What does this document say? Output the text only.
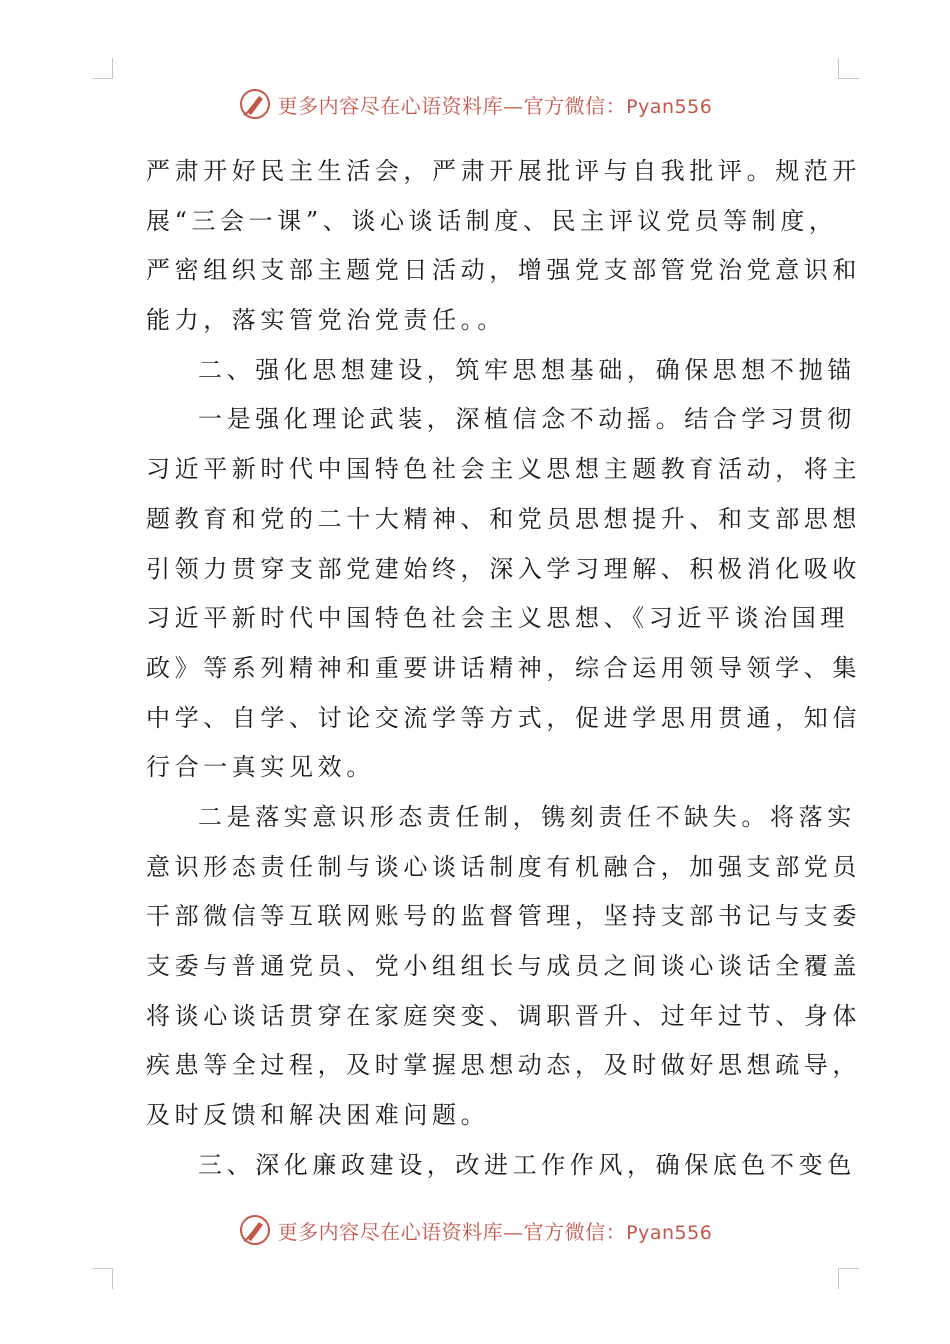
更多内容尽在心语资料库—官方微信：Pyan556
严肃开好民主生活会，严肃开展批评与自我批评。规范开
展“三会一课”、谈心谈话制度、民主评议党员等制度，
严密组织支部主题党日活动，增强党支部管党治党意识和
能力，落实管党治党责任。。
二、强化思想建设，筑牢思想基础，确保思想不抛锚
一是强化理论武装，深植信念不动摇。结合学习贯彻
习近平新时代中国特色社会主义思想主题教育活动，将主
题教育和党的二十大精神、和党员思想提升、和支部思想
引领力贯穿支部党建始终，深入学习理解、积极消化吸收
习近平新时代中国特色社会主义思想、《习近平谈治国理
政》等系列精神和重要讲话精神，综合运用领导领学、集
中学、自学、讨论交流学等方式，促进学思用贯通，知信
行合一真实见效。
二是落实意识形态责任制，镌刻责任不缺失。将落实
意识形态责任制与谈心谈话制度有机融合，加强支部党员
干部微信等互联网账号的监督管理，坚持支部书记与支委
支委与普通党员、党小组组长与成员之间谈心谈话全覆盖
将谈心谈话贯穿在家庭突变、调职晋升、过年过节、身体
疾患等全过程，及时掌握思想动态，及时做好思想疏导，
及时反馈和解决困难问题。
三、深化廉政建设，改进工作作风，确保底色不变色
更多内容尽在心语资料库—官方微信：Pyan556
